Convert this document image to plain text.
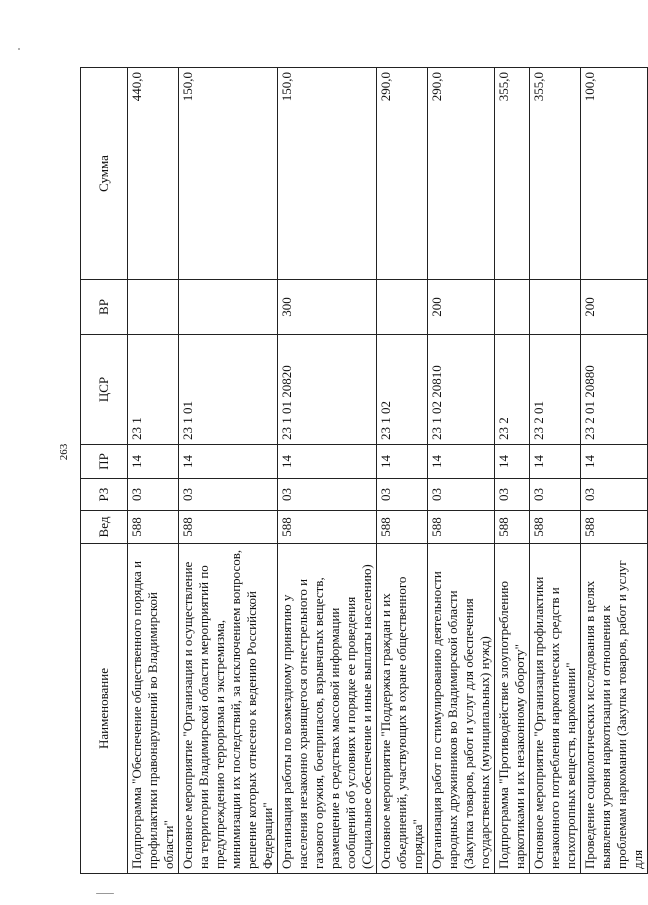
263
Наименование	Вед	РЗ	ПР	ЦСР	ВР	Сумма
Подпрограмма "Обеспечение общественного порядка и профилактики правонарушений во Владимирской области"	588	03	14	23 1		440,0
Основное мероприятие "Организация и осуществление на территории Владимирской области мероприятий по предупреждению терроризма и экстремизма, минимизации их последствий, за исключением вопросов, решение которых отнесено к ведению Российской Федерации"	588	03	14	23 1 01		150,0
Организация работы по возмездному принятию у населения незаконно хранящегося огнестрельного и газового оружия, боеприпасов, взрывчатых веществ, размещение в средствах массовой информации сообщений об условиях и порядке ее проведения (Социальное обеспечение и иные выплаты населению)	588	03	14	23 1 01 20820	300	150,0
Основное мероприятие "Поддержка граждан и их объединений, участвующих в охране общественного порядка"	588	03	14	23 1 02		290,0
Организация работ по стимулированию деятельности народных дружинников во Владимирской области (Закупка товаров, работ и услуг для обеспечения государственных (муниципальных) нужд)	588	03	14	23 1 02 20810	200	290,0
Подпрограмма "Противодействие злоупотреблению наркотиками и их незаконному обороту"	588	03	14	23 2		355,0
Основное мероприятие "Организация профилактики незаконного потребления наркотических средств и психотропных веществ, наркомании"	588	03	14	23 2 01		355,0
Проведение социологических исследования в целях выявления уровня наркотизации и отношения к проблемам наркомании (Закупка товаров, работ и услуг для	588	03	14	23 2 01 20880	200	100,0
